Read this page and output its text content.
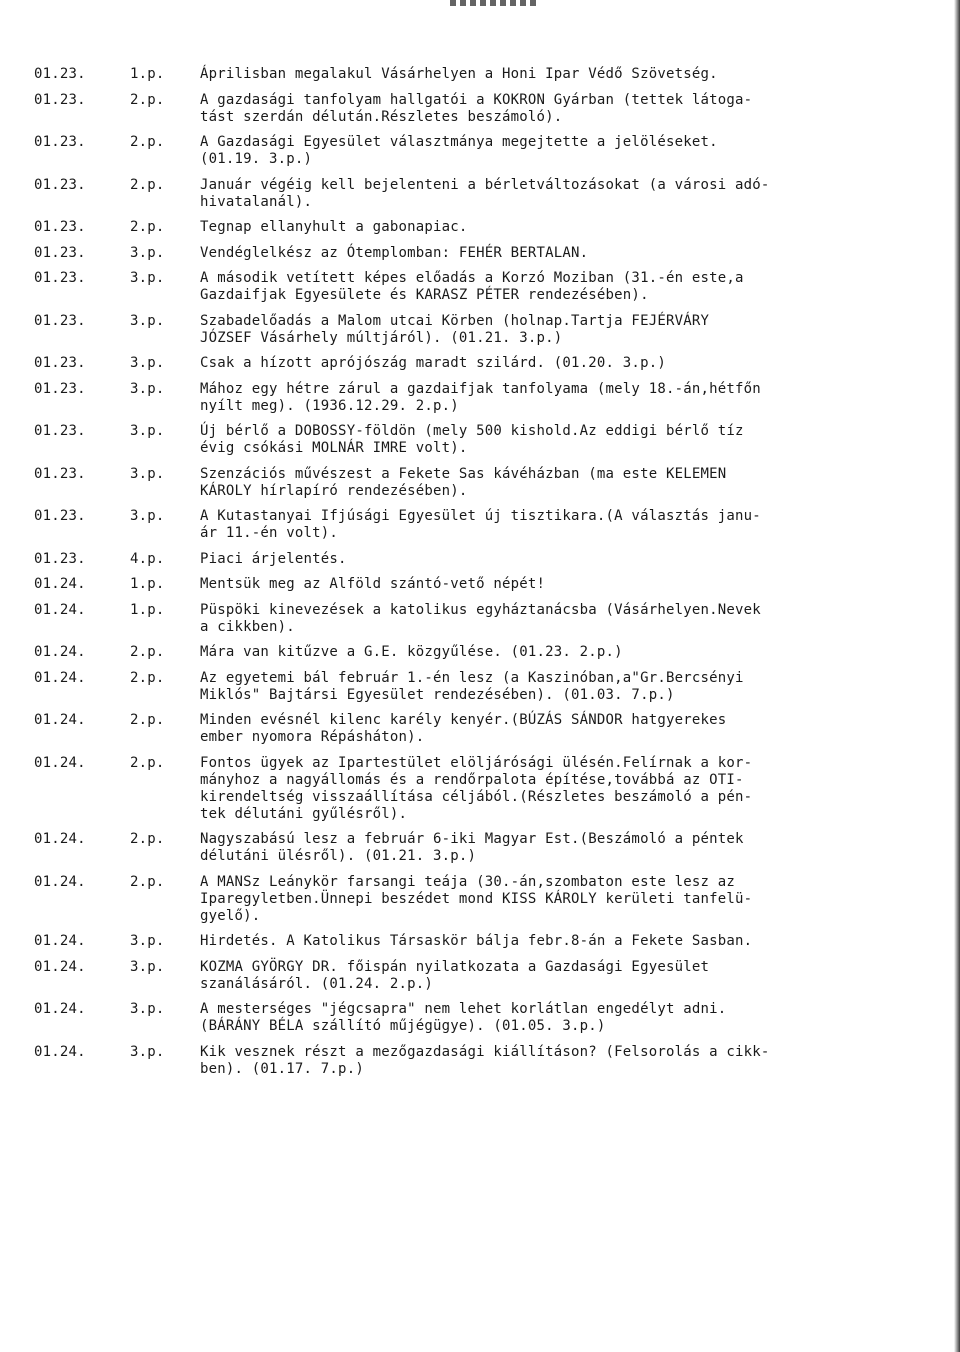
01.23.	1.p.	Áprilisban megalakul Vásárhelyen a Honi Ipar Védő Szövetség.
01.23.	2.p.	A gazdasági tanfolyam hallgatói a KOKRON Gyárban (tettek látoga-
tást szerdán délután.Részletes beszámoló).
01.23.	2.p.	A Gazdasági Egyesület választmánya megejtette a jelöléseket.
(01.19. 3.p.)
01.23.	2.p.	Január végéig kell bejelenteni a bérletváltozásokat (a városi adó-
hivatalanál).
01.23.	2.p.	Tegnap ellanyhult a gabonapiac.
01.23.	3.p.	Vendéglelkész az Ótemplomban: FEHÉR BERTALAN.
01.23.	3.p.	A második vetített képes előadás a Korzó Moziban (31.-én este,a
Gazdaifjak Egyesülete és KARASZ PÉTER rendezésében).
01.23.	3.p.	Szabadelőadás a Malom utcai Körben (holnap.Tartja FEJÉRVÁRY
JÓZSEF Vásárhely múltjáról). (01.21. 3.p.)
01.23.	3.p.	Csak a hízott aprójószág maradt szilárd. (01.20. 3.p.)
01.23.	3.p.	Mához egy hétre zárul a gazdaifjak tanfolyama (mely 18.-án,hétfőn
nyílt meg). (1936.12.29. 2.p.)
01.23.	3.p.	Új bérlő a DOBOSSY-földön (mely 500 kishold.Az eddigi bérlő tíz
évig csókási MOLNÁR IMRE volt).
01.23.	3.p.	Szenzációs művészest a Fekete Sas kávéházban (ma este KELEMEN
KÁROLY hírlapíró rendezésében).
01.23.	3.p.	A Kutastanyai Ifjúsági Egyesület új tisztikara.(A választás janu-
ár 11.-én volt).
01.23.	4.p.	Piaci árjelentés.
01.24.	1.p.	Mentsük meg az Alföld szántó-vető népét!
01.24.	1.p.	Püspöki kinevezések a katolikus egyháztanácsba (Vásárhelyen.Nevek
a cikkben).
01.24.	2.p.	Mára van kitűzve a G.E. közgyűlése. (01.23. 2.p.)
01.24.	2.p.	Az egyetemi bál február 1.-én lesz (a Kaszinóban,a"Gr.Bercsényi
Miklós" Bajtársi Egyesület rendezésében). (01.03. 7.p.)
01.24.	2.p.	Minden evésnél kilenc karély kenyér.(BÚZÁS SÁNDOR hatgyerekes
ember nyomora Répásháton).
01.24.	2.p.	Fontos ügyek az Ipartestület elöljárósági ülésén.Felírnak a kor-
mányhoz a nagyállomás és a rendőrpalota építése,továbbá az OTI-
kirendeltség visszaállítása céljából.(Részletes beszámoló a pén-
tek délutáni gyűlésről).
01.24.	2.p.	Nagyszabású lesz a február 6-iki Magyar Est.(Beszámoló a péntek
délutáni ülésről). (01.21. 3.p.)
01.24.	2.p.	A MANSz Leánykör farsangi teája (30.-án,szombaton este lesz az
Iparegyletben.Ünnepi beszédet mond KISS KÁROLY kerületi tanfelü-
gyelő).
01.24.	3.p.	Hirdetés. A Katolikus Társaskör bálja febr.8-án a Fekete Sasban.
01.24.	3.p.	KOZMA GYÖRGY DR. főispán nyilatkozata a Gazdasági Egyesület
szanálásáról. (01.24. 2.p.)
01.24.	3.p.	A mesterséges "jégcsapra" nem lehet korlátlan engedélyt adni.
(BÁRÁNY BÉLA szállító műjégügye). (01.05. 3.p.)
01.24.	3.p.	Kik vesznek részt a mezőgazdasági kiállításon? (Felsorolás a cikk-
ben). (01.17. 7.p.)
